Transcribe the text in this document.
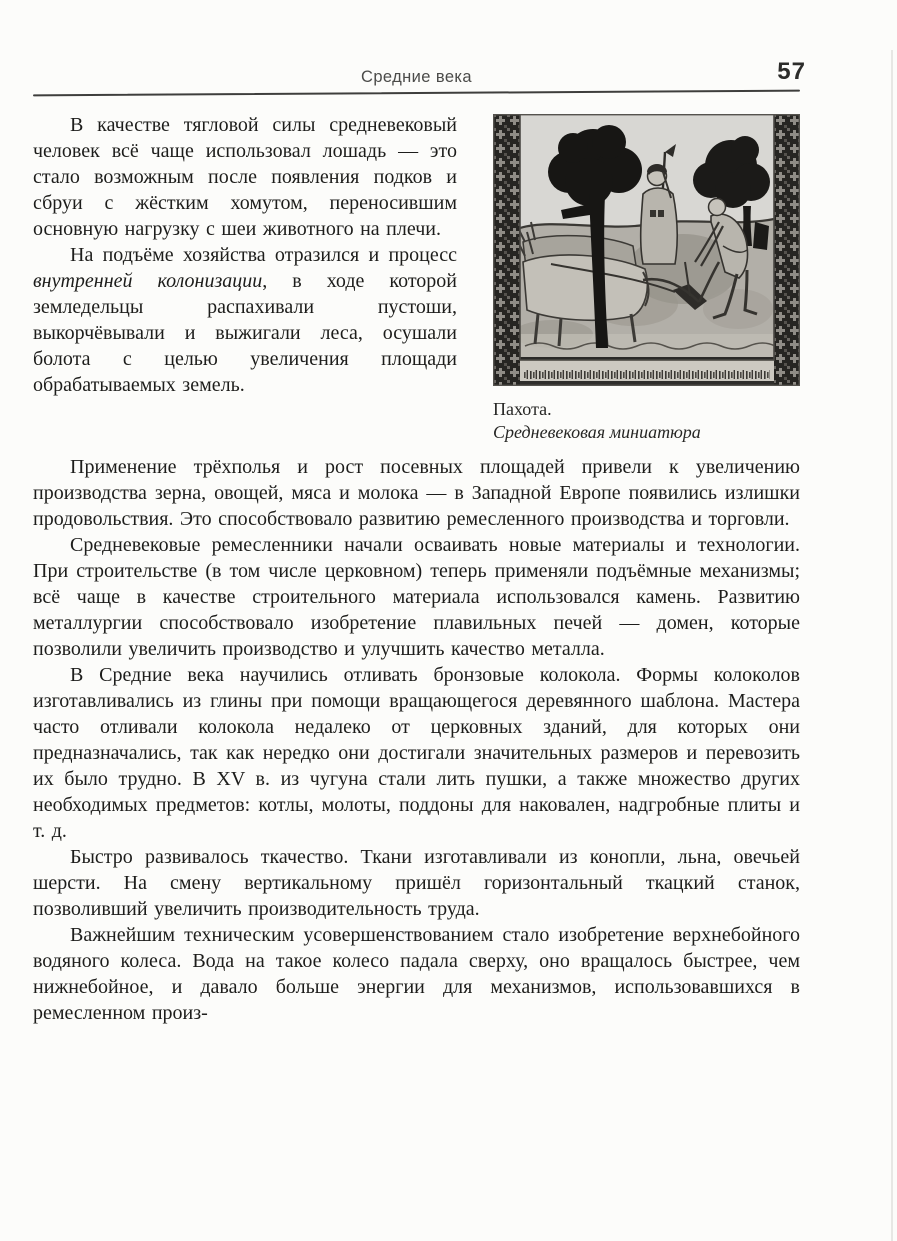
Средние века	57
Пахота.
Средневековая миниатюра

В качестве тягловой силы средневековый человек всё чаще использовал лошадь — это стало возможным после появления подков и сбруи с жёстким хомутом, переносившим основную нагрузку с шеи животного на плечи.

На подъёме хозяйства отразился и процесс внутренней колонизации, в ходе которой земледельцы распахивали пустоши, выкорчёвывали и выжигали леса, осушали болота с целью увеличения площади обрабатываемых земель.

Применение трёхполья и рост посевных площадей привели к увеличению производства зерна, овощей, мяса и молока — в Западной Европе появились излишки продовольствия. Это способствовало развитию ремесленного производства и торговли.

Средневековые ремесленники начали осваивать новые материалы и технологии. При строительстве (в том числе церковном) теперь применяли подъёмные механизмы; всё чаще в качестве строительного материала использовался камень. Развитию металлургии способствовало изобретение плавильных печей — домен, которые позволили увеличить производство и улучшить качество металла.

В Средние века научились отливать бронзовые колокола. Формы колоколов изготавливались из глины при помощи вращающегося деревянного шаблона. Мастера часто отливали колокола недалеко от церковных зданий, для которых они предназначались, так как нередко они достигали значительных размеров и перевозить их было трудно. В XV в. из чугуна стали лить пушки, а также множество других необходимых предметов: котлы, молоты, поддоны для наковален, надгробные плиты и т. д.

Быстро развивалось ткачество. Ткани изготавливали из конопли, льна, овечьей шерсти. На смену вертикальному пришёл горизонтальный ткацкий станок, позволивший увеличить производительность труда.

Важнейшим техническим усовершенствованием стало изобретение верхнебойного водяного колеса. Вода на такое колесо падала сверху, оно вращалось быстрее, чем нижнебойное, и давало больше энергии для механизмов, использовавшихся в ремесленном произ-
